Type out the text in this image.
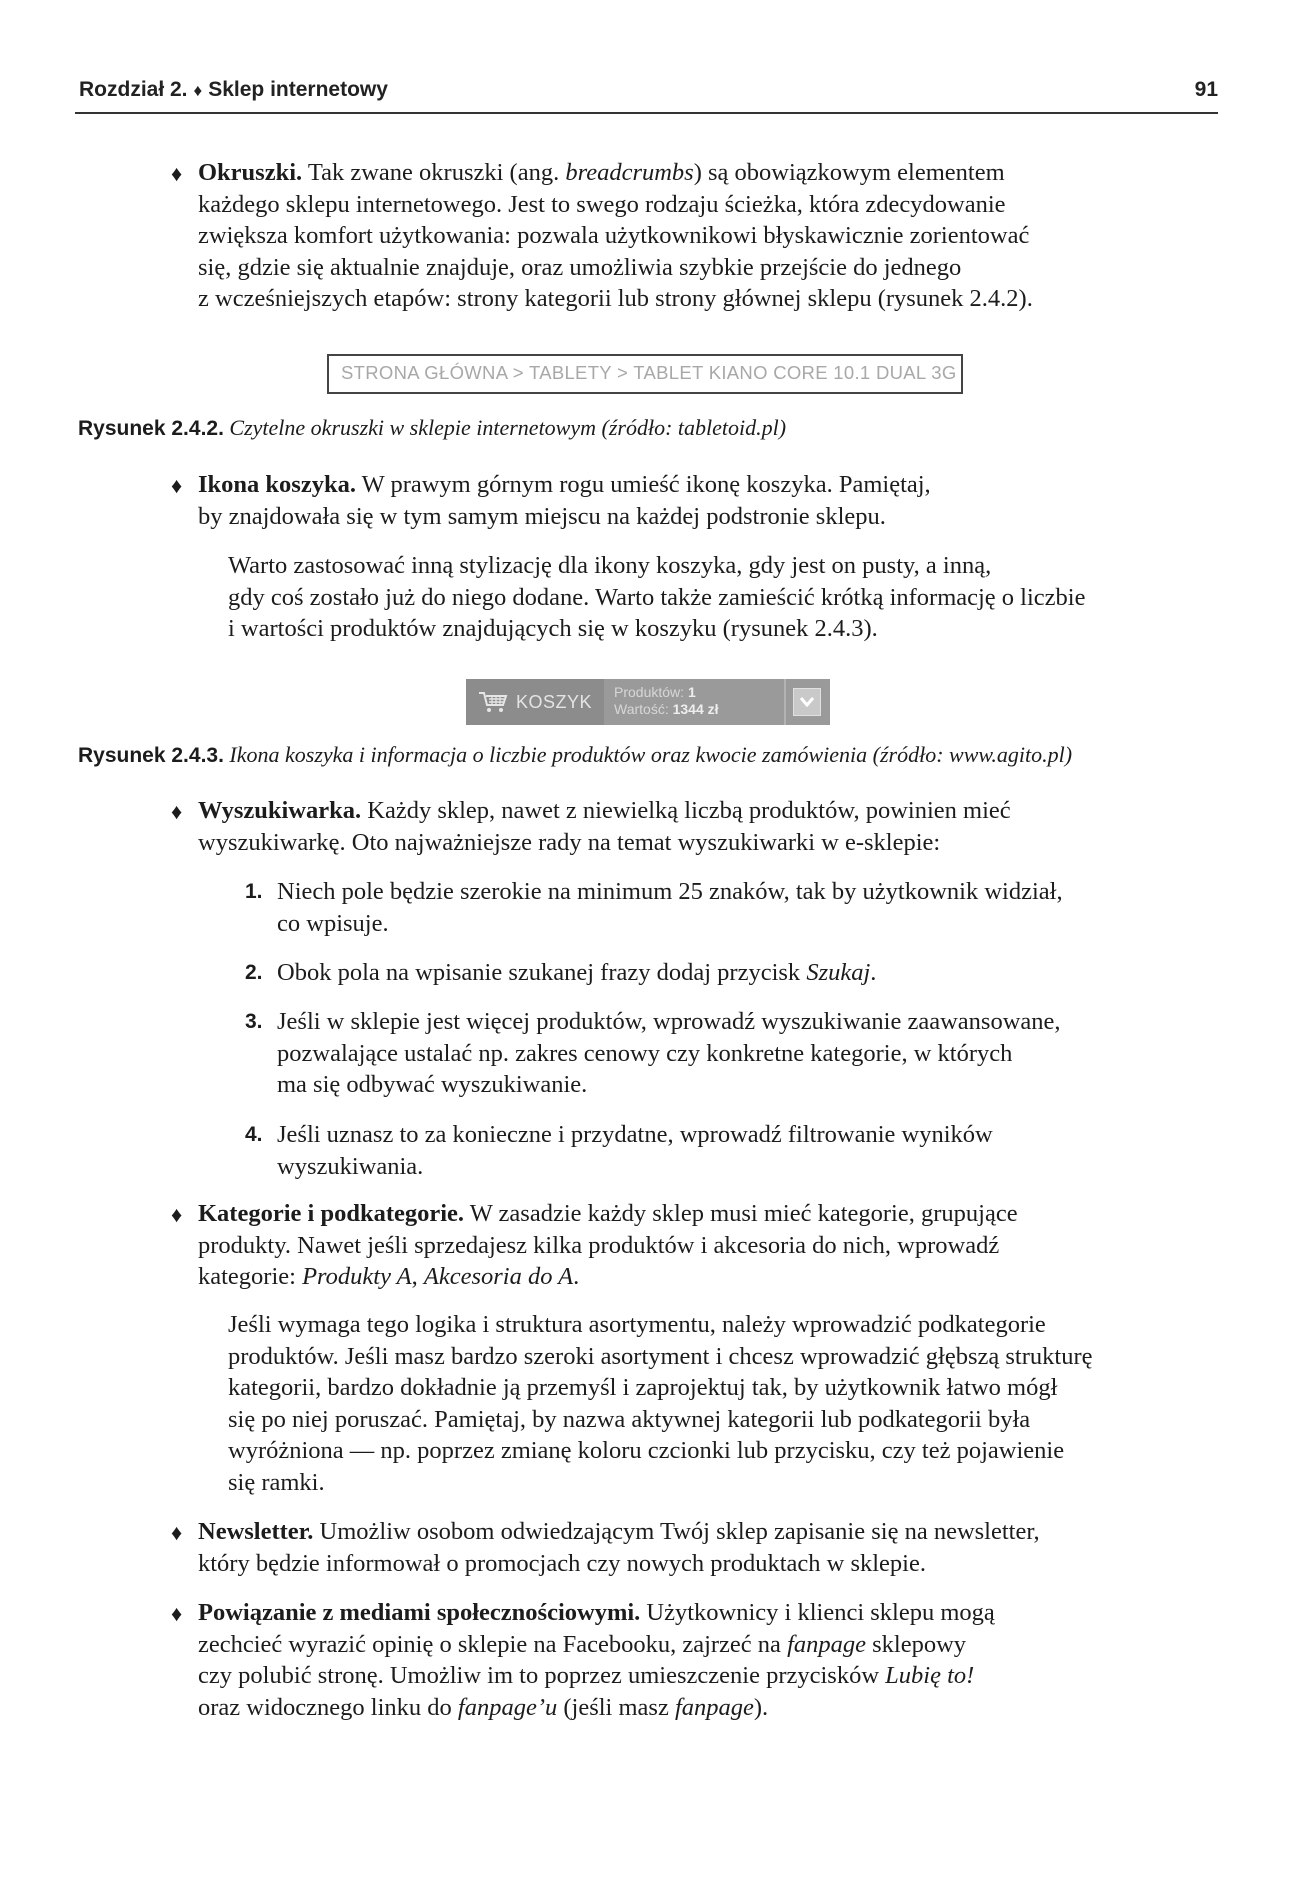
Rozdział 2. ♦ Sklep internetowy	91
♦ Okruszki. Tak zwane okruszki (ang. breadcrumbs) są obowiązkowym elementem
każdego sklepu internetowego. Jest to swego rodzaju ścieżka, która zdecydowanie
zwiększa komfort użytkowania: pozwala użytkownikowi błyskawicznie zorientować
się, gdzie się aktualnie znajduje, oraz umożliwia szybkie przejście do jednego
z wcześniejszych etapów: strony kategorii lub strony głównej sklepu (rysunek 2.4.2).

STRONA GŁÓWNA > TABLETY > TABLET KIANO CORE 10.1 DUAL 3G
Rysunek 2.4.2. Czytelne okruszki w sklepie internetowym (źródło: tabletoid.pl)
♦ Ikona koszyka. W prawym górnym rogu umieść ikonę koszyka. Pamiętaj,
by znajdowała się w tym samym miejscu na każdej podstronie sklepu.

Warto zastosować inną stylizację dla ikony koszyka, gdy jest on pusty, a inną,
gdy coś zostało już do niego dodane. Warto także zamieścić krótką informację o liczbie
i wartości produktów znajdujących się w koszyku (rysunek 2.4.3).

KOSZYK Produktów: 1
Wartość: 1344 zł
Rysunek 2.4.3. Ikona koszyka i informacja o liczbie produktów oraz kwocie zamówienia (źródło: www.agito.pl)
♦ Wyszukiwarka. Każdy sklep, nawet z niewielką liczbą produktów, powinien mieć
wyszukiwarkę. Oto najważniejsze rady na temat wyszukiwarki w e-sklepie:

1. Niech pole będzie szerokie na minimum 25 znaków, tak by użytkownik widział,
co wpisuje.

2. Obok pola na wpisanie szukanej frazy dodaj przycisk Szukaj.

3. Jeśli w sklepie jest więcej produktów, wprowadź wyszukiwanie zaawansowane,
pozwalające ustalać np. zakres cenowy czy konkretne kategorie, w których
ma się odbywać wyszukiwanie.

4. Jeśli uznasz to za konieczne i przydatne, wprowadź filtrowanie wyników
wyszukiwania.

♦ Kategorie i podkategorie. W zasadzie każdy sklep musi mieć kategorie, grupujące
produkty. Nawet jeśli sprzedajesz kilka produktów i akcesoria do nich, wprowadź
kategorie: Produkty A, Akcesoria do A.

Jeśli wymaga tego logika i struktura asortymentu, należy wprowadzić podkategorie
produktów. Jeśli masz bardzo szeroki asortyment i chcesz wprowadzić głębszą strukturę
kategorii, bardzo dokładnie ją przemyśl i zaprojektuj tak, by użytkownik łatwo mógł
się po niej poruszać. Pamiętaj, by nazwa aktywnej kategorii lub podkategorii była
wyróżniona — np. poprzez zmianę koloru czcionki lub przycisku, czy też pojawienie
się ramki.

♦ Newsletter. Umożliw osobom odwiedzającym Twój sklep zapisanie się na newsletter,
który będzie informował o promocjach czy nowych produktach w sklepie.

♦ Powiązanie z mediami społecznościowymi. Użytkownicy i klienci sklepu mogą
zechcieć wyrazić opinię o sklepie na Facebooku, zajrzeć na fanpage sklepowy
czy polubić stronę. Umożliw im to poprzez umieszczenie przycisków Lubię to!
oraz widocznego linku do fanpage’u (jeśli masz fanpage).
